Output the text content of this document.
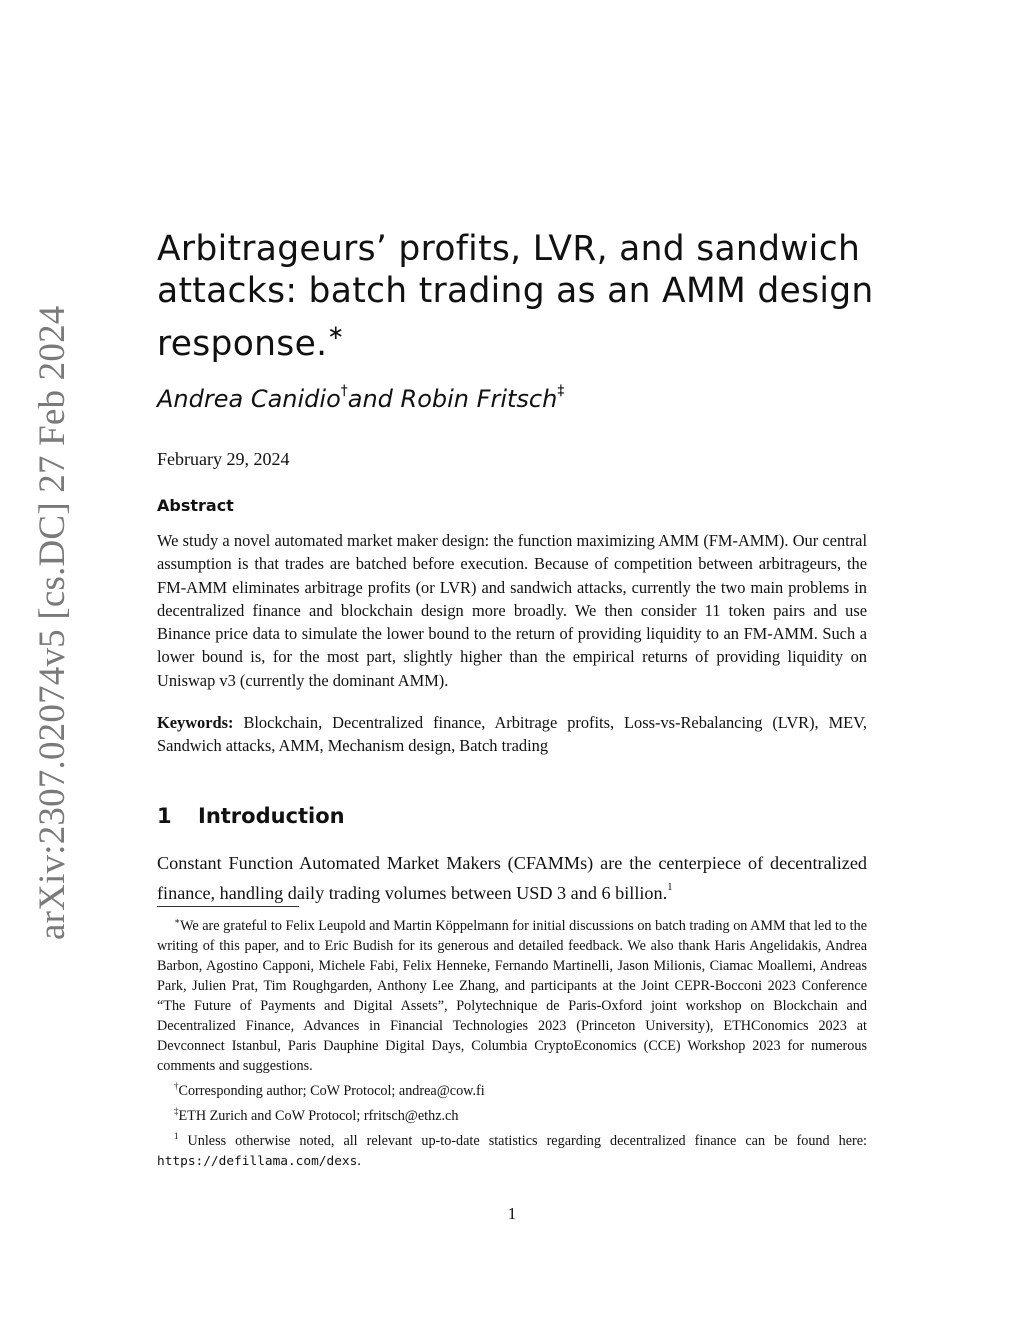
arXiv:2307.02074v5 [cs.DC] 27 Feb 2024
Arbitrageurs’ profits, LVR, and sandwich attacks: batch trading as an AMM design response.∗
Andrea Canidio†and Robin Fritsch‡
February 29, 2024
Abstract

We study a novel automated market maker design: the function maximizing AMM (FM-AMM). Our central assumption is that trades are batched before execution. Because of competition between arbitrageurs, the FM-AMM eliminates arbitrage profits (or LVR) and sandwich attacks, currently the two main problems in decentralized finance and blockchain design more broadly. We then consider 11 token pairs and use Binance price data to simulate the lower bound to the return of providing liquidity to an FM-AMM. Such a lower bound is, for the most part, slightly higher than the empirical returns of providing liquidity on Uniswap v3 (currently the dominant AMM).

Keywords: Blockchain, Decentralized finance, Arbitrage profits, Loss-vs-Rebalancing (LVR), MEV, Sandwich attacks, AMM, Mechanism design, Batch trading

1 Introduction

Constant Function Automated Market Makers (CFAMMs) are the centerpiece of decentralized finance, handling daily trading volumes between USD 3 and 6 billion.$^1$

∗We are grateful to Felix Leupold and Martin Köppelmann for initial discussions on batch trading on AMM that led to the writing of this paper, and to Eric Budish for its generous and detailed feedback. We also thank Haris Angelidakis, Andrea Barbon, Agostino Capponi, Michele Fabi, Felix Henneke, Fernando Martinelli, Jason Milionis, Ciamac Moallemi, Andreas Park, Julien Prat, Tim Roughgarden, Anthony Lee Zhang, and participants at the Joint CEPR-Bocconi 2023 Conference “The Future of Payments and Digital Assets”, Polytechnique de Paris-Oxford joint workshop on Blockchain and Decentralized Finance, Advances in Financial Technologies 2023 (Princeton University), ETHConomics 2023 at Devconnect Istanbul, Paris Dauphine Digital Days, Columbia CryptoEconomics (CCE) Workshop 2023 for numerous comments and suggestions.

†Corresponding author; CoW Protocol; andrea@cow.fi

‡ETH Zurich and CoW Protocol; rfritsch@ethz.ch

$^1$ Unless otherwise noted, all relevant up-to-date statistics regarding decentralized finance can be found here: https://defillama.com/dexs.

1
